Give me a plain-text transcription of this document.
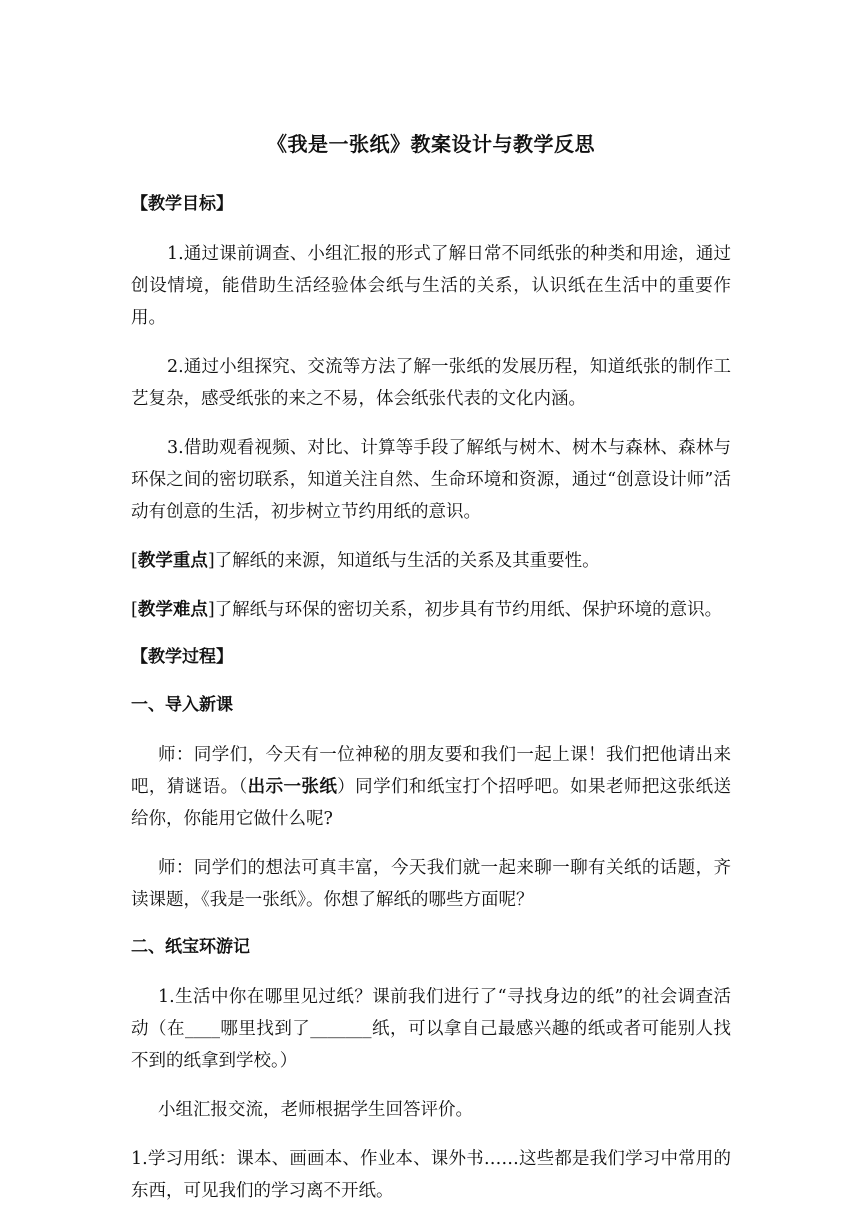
《我是一张纸》教案设计与教学反思
【教学目标】

1.通过课前调查、小组汇报的形式了解日常不同纸张的种类和用途，通过创设情境，能借助生活经验体会纸与生活的关系，认识纸在生活中的重要作用。

2.通过小组探究、交流等方法了解一张纸的发展历程，知道纸张的制作工艺复杂，感受纸张的来之不易，体会纸张代表的文化内涵。

3.借助观看视频、对比、计算等手段了解纸与树木、树木与森林、森林与环保之间的密切联系，知道关注自然、生命环境和资源，通过“创意设计师”活动有创意的生活，初步树立节约用纸的意识。

[教学重点]了解纸的来源，知道纸与生活的关系及其重要性。

[教学难点]了解纸与环保的密切关系，初步具有节约用纸、保护环境的意识。

【教学过程】
一、导入新课

师：同学们，今天有一位神秘的朋友要和我们一起上课！我们把他请出来吧，猜谜语。（出示一张纸）同学们和纸宝打个招呼吧。如果老师把这张纸送给你，你能用它做什么呢?

师：同学们的想法可真丰富，今天我们就一起来聊一聊有关纸的话题，齐读课题，《我是一张纸》。你想了解纸的哪些方面呢？

二、纸宝环游记

1.生活中你在哪里见过纸？课前我们进行了“寻找身边的纸”的社会调查活动（在____哪里找到了_______纸，可以拿自己最感兴趣的纸或者可能别人找不到的纸拿到学校。）

小组汇报交流，老师根据学生回答评价。

1.学习用纸：课本、画画本、作业本、课外书……这些都是我们学习中常用的东西，可见我们的学习离不开纸。
